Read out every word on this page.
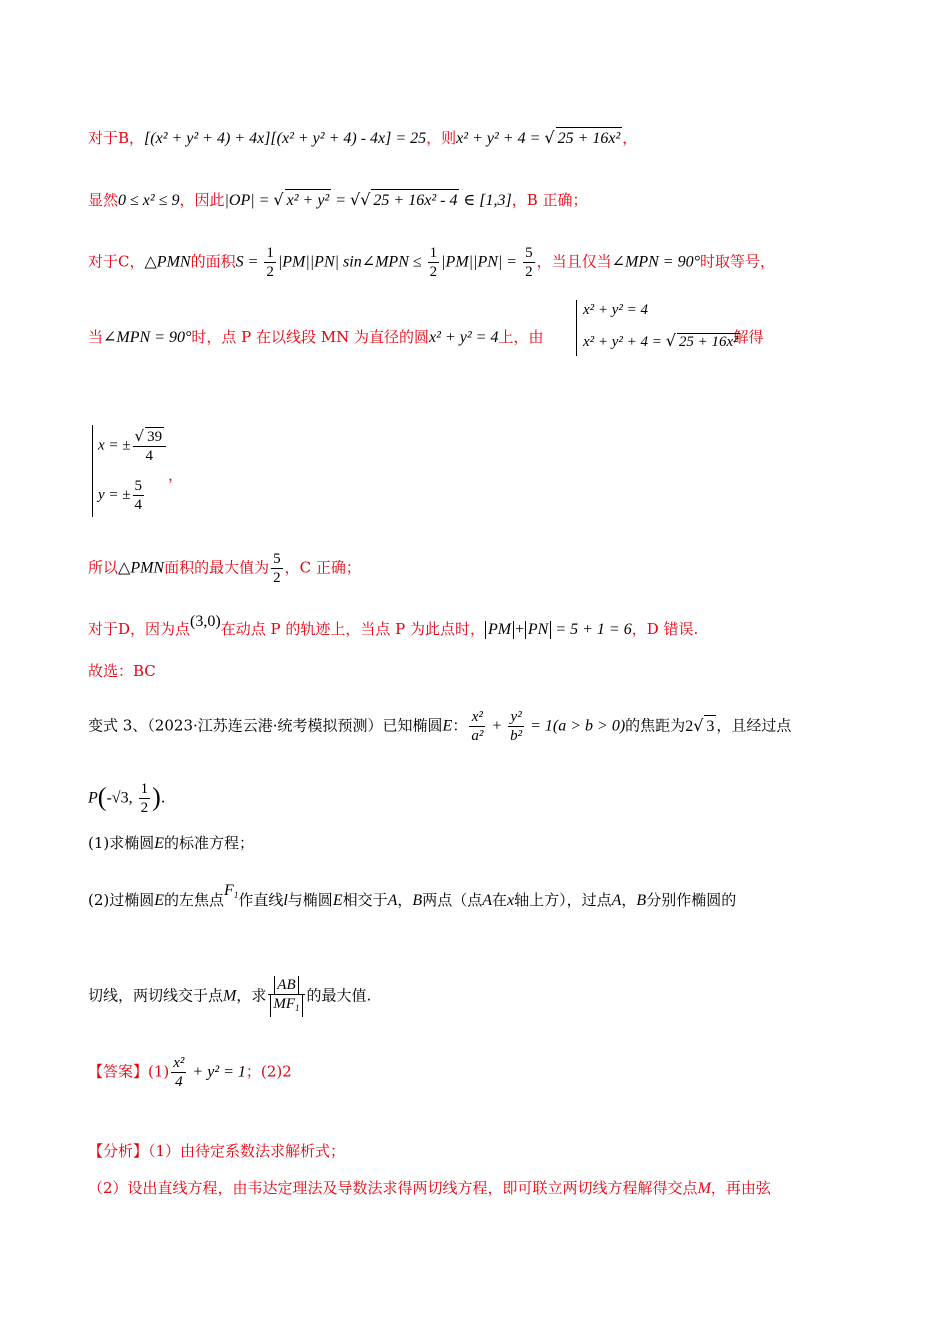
对于B，[(x² + y² + 4) + 4x][(x² + y² + 4) - 4x] = 25，则x² + y² + 4 = √ 25 + 16x² ，
显然0 ≤ x² ≤ 9，因此|OP| = √ x² + y² = √√ 25 + 16x² - 4 ∈ [1,3]，B 正确；
对于C，△PMN的面积$S = \frac{1}{2} |PM||PN|$ sin∠MPN ≤ $\frac{1}{2} |PM||PN| = \frac{5}{2}$ ，当且仅当∠MPN = 90°时取等号，
当∠MPN = 90°时，点 P 在以线段 MN 为直径的圆x² + y² = 4上，由	解得
x² + y² = 4
x² + y² + 4 = √ 25 + 16x²
x = ± $\frac{√ 39}{4}$
y = ± $\frac{5}{4}$
，
所以△PMN面积的最大值为 $\frac{5}{2}$ ，C 正确；
对于D，因为点(3,0)在动点 P 的轨迹上，当点 P 为此点时， PM + PN = 5 + 1 = 6，D 错误.
故选：BC
变式 3、（2023·江苏连云港·统考模拟预测）已知椭圆E： $\frac{\text{x²}}{\text{a²}} + \frac{\text{y²}}{\text{b²}} = 1(a > b > 0)$的焦距为2√ 3 ，且经过点
P(-√3, $\frac{1}{2}$ ).
(1)求椭圆E的标准方程；
(2)过椭圆E的左焦点$F_1$作直线l与椭圆E相交于A，B两点（点A在x轴上方），过点A，B分别作椭圆的
切线，两切线交于点M，求 $\frac{AB}{MF_1}$ 的最大值.
【答案】$(1) \frac{\text{x²}}{4} + y^2 = 1$；(2)2
【分析】（1）由待定系数法求解析式；
（2）设出直线方程，由韦达定理法及导数法求得两切线方程，即可联立两切线方程解得交点M，再由弦
